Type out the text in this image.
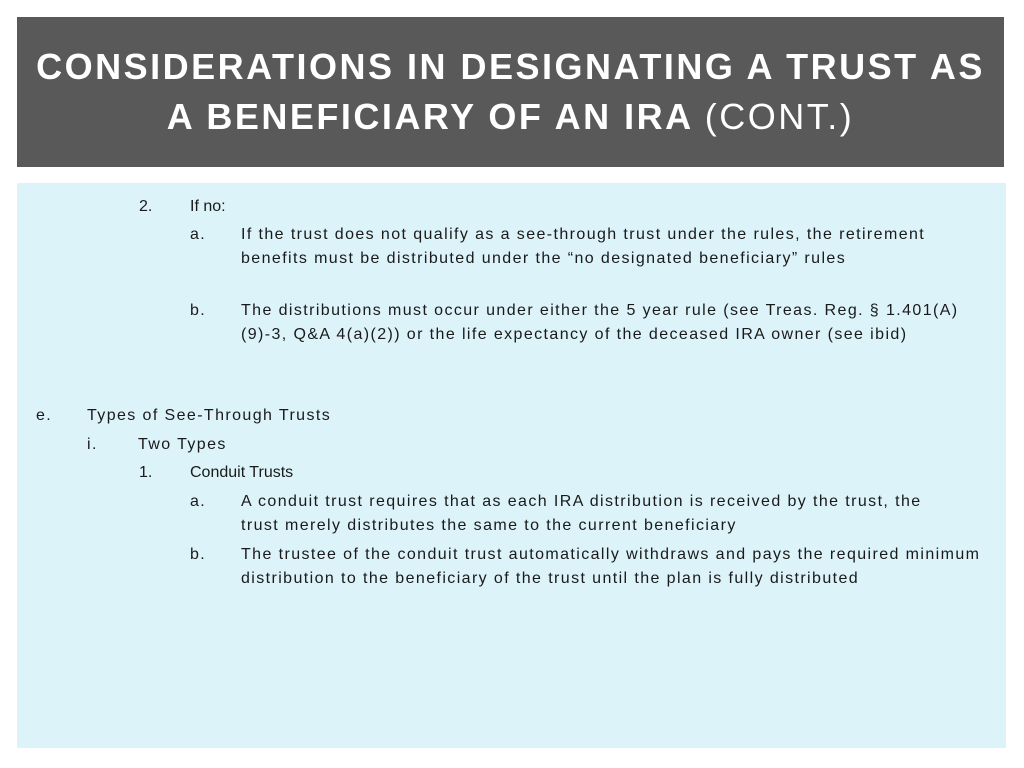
CONSIDERATIONS IN DESIGNATING A TRUST AS A BENEFICIARY OF AN IRA (CONT.)
2. If no:
a. If the trust does not qualify as a see-through trust under the rules, the retirement benefits must be distributed under the “no designated beneficiary” rules
b. The distributions must occur under either the 5 year rule (see Treas. Reg. § 1.401(A)(9)-3, Q&A 4(a)(2)) or the life expectancy of the deceased IRA owner (see ibid)
e. Types of See-Through Trusts
i.	Two Types
1. Conduit Trusts
a. A conduit trust requires that as each IRA distribution is received by the trust, the trust merely distributes the same to the current beneficiary
b. The trustee of the conduit trust automatically withdraws and pays the required minimum distribution to the beneficiary of the trust until the plan is fully distributed
